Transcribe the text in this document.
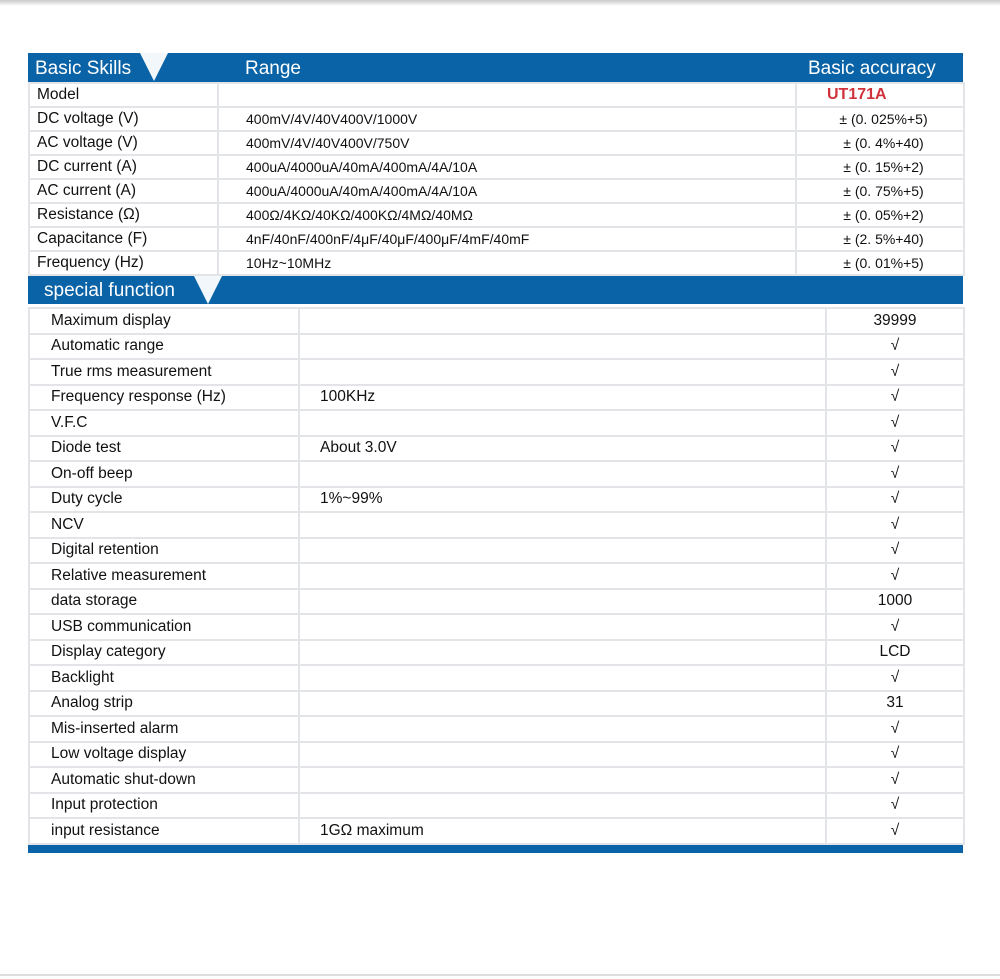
Basic Skills	Range	Basic accuracy
Model		UT171A
DC voltage (V)	400mV/4V/40V400V/1000V	± (0. 025%+5)
AC voltage (V)	400mV/4V/40V400V/750V	± (0. 4%+40)
DC current (A)	400uA/4000uA/40mA/400mA/4A/10A	± (0. 15%+2)
AC current (A)	400uA/4000uA/40mA/400mA/4A/10A	± (0. 75%+5)
Resistance (Ω)	400Ω/4KΩ/40KΩ/400KΩ/4MΩ/40MΩ	± (0. 05%+2)
Capacitance (F)	4nF/40nF/400nF/4μF/40μF/400μF/4mF/40mF	± (2. 5%+40)
Frequency (Hz)	10Hz~10MHz	± (0. 01%+5)
special function
Maximum display		39999
Automatic range		√
True rms measurement		√
Frequency response (Hz)	100KHz	√
V.F.C		√
Diode test	About 3.0V	√
On-off beep		√
Duty cycle	1%~99%	√
NCV		√
Digital retention		√
Relative measurement		√
data storage		1000
USB communication		√
Display category		LCD
Backlight		√
Analog strip		31
Mis-inserted alarm		√
Low voltage display		√
Automatic shut-down		√
Input protection		√
input resistance	1GΩ maximum	√
